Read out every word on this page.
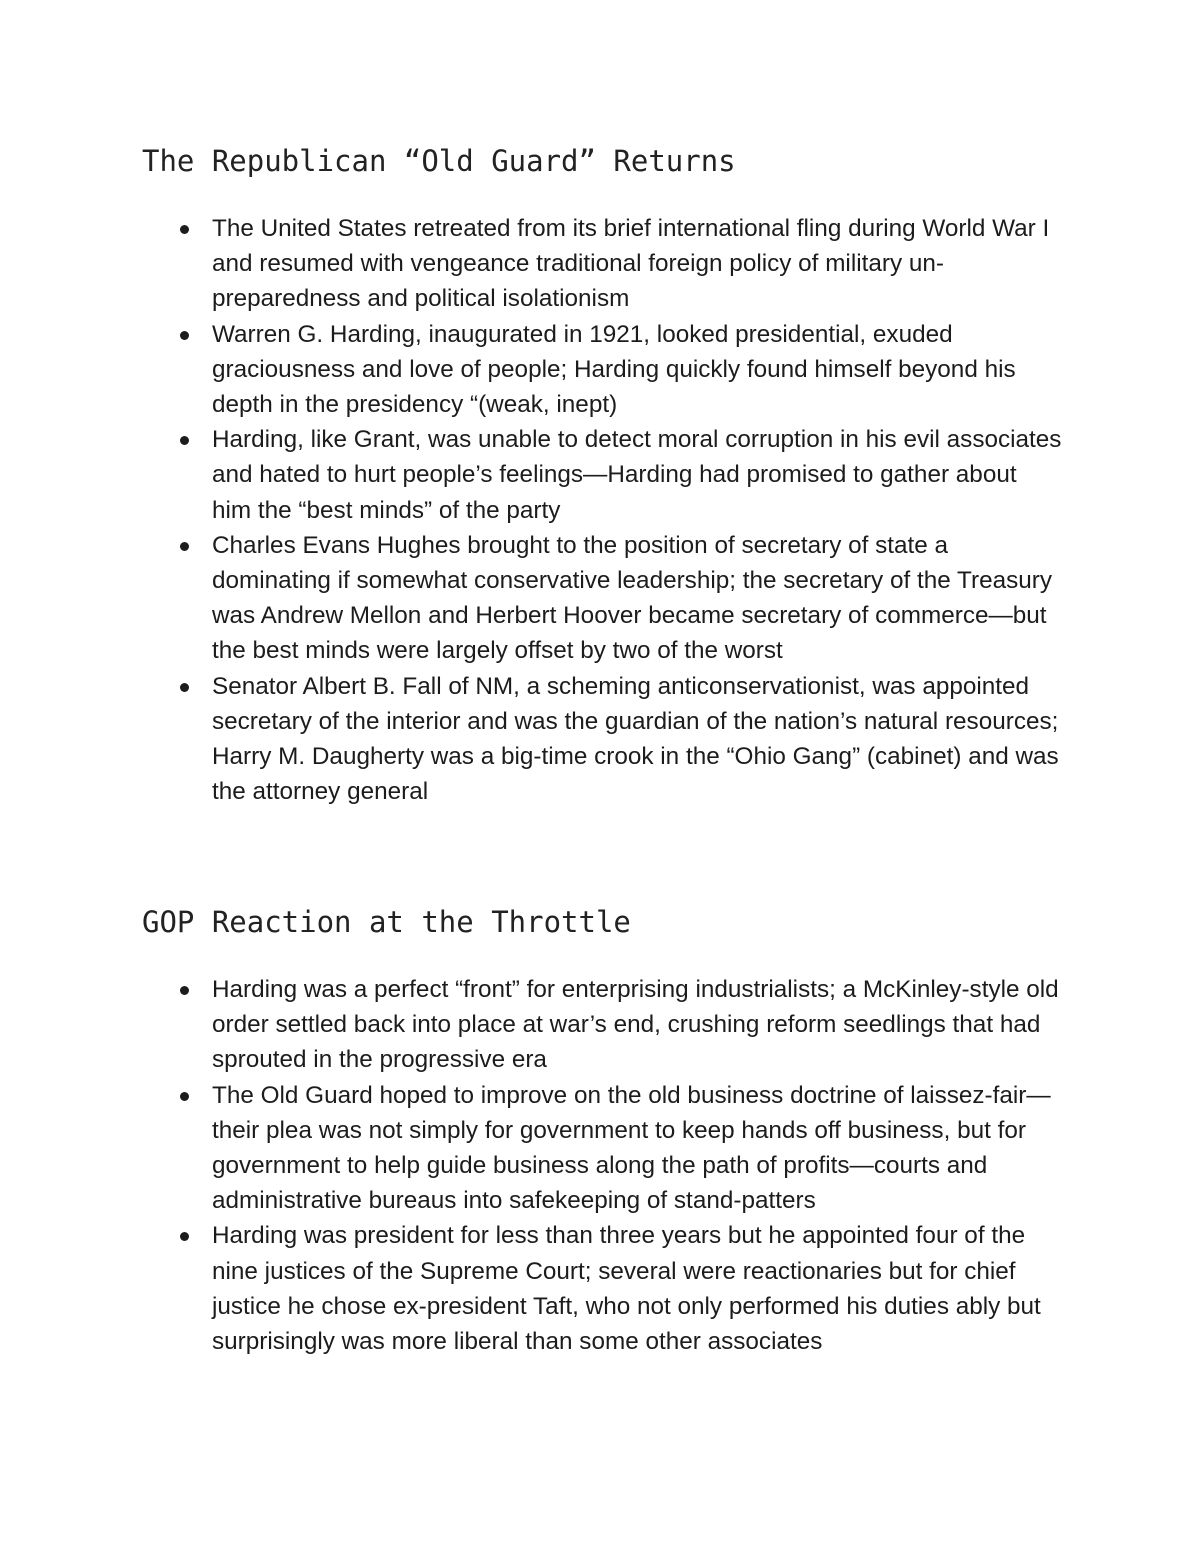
The Republican “Old Guard” Returns
The United States retreated from its brief international fling during World War I and resumed with vengeance traditional foreign policy of military un-preparedness and political isolationism
Warren G. Harding, inaugurated in 1921, looked presidential, exuded graciousness and love of people; Harding quickly found himself beyond his depth in the presidency “(weak, inept)
Harding, like Grant, was unable to detect moral corruption in his evil associates and hated to hurt people’s feelings—Harding had promised to gather about him the “best minds” of the party
Charles Evans Hughes brought to the position of secretary of state a dominating if somewhat conservative leadership; the secretary of the Treasury was Andrew Mellon and Herbert Hoover became secretary of commerce—but the best minds were largely offset by two of the worst
Senator Albert B. Fall of NM, a scheming anticonservationist, was appointed secretary of the interior and was the guardian of the nation’s natural resources; Harry M. Daugherty was a big-time crook in the “Ohio Gang” (cabinet) and was the attorney general
GOP Reaction at the Throttle
Harding was a perfect “front” for enterprising industrialists; a McKinley-style old order settled back into place at war’s end, crushing reform seedlings that had sprouted in the progressive era
The Old Guard hoped to improve on the old business doctrine of laissez-fair—their plea was not simply for government to keep hands off business, but for government to help guide business along the path of profits—courts and administrative bureaus into safekeeping of stand-patters
Harding was president for less than three years but he appointed four of the nine justices of the Supreme Court; several were reactionaries but for chief justice he chose ex-president Taft, who not only performed his duties ably but surprisingly was more liberal than some other associates
